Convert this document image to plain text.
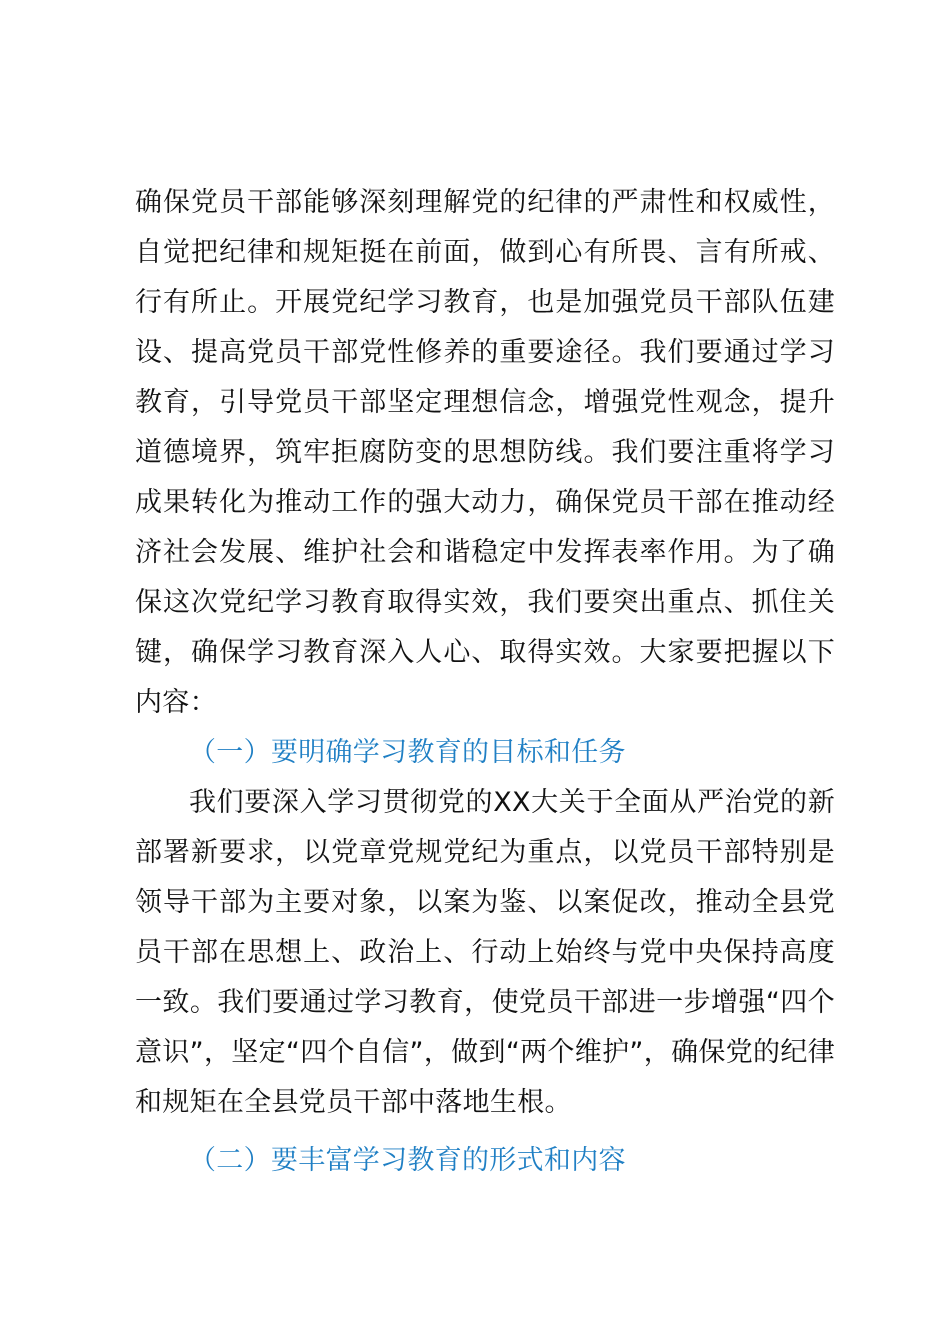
确保党员干部能够深刻理解党的纪律的严肃性和权威性，自觉把纪律和规矩挺在前面，做到心有所畏、言有所戒、行有所止。开展党纪学习教育，也是加强党员干部队伍建设、提高党员干部党性修养的重要途径。我们要通过学习教育，引导党员干部坚定理想信念，增强党性观念，提升道德境界，筑牢拒腐防变的思想防线。我们要注重将学习成果转化为推动工作的强大动力，确保党员干部在推动经济社会发展、维护社会和谐稳定中发挥表率作用。为了确保这次党纪学习教育取得实效，我们要突出重点、抓住关键，确保学习教育深入人心、取得实效。大家要把握以下内容：

（一）要明确学习教育的目标和任务

我们要深入学习贯彻党的XX大关于全面从严治党的新部署新要求，以党章党规党纪为重点，以党员干部特别是领导干部为主要对象，以案为鉴、以案促改，推动全县党员干部在思想上、政治上、行动上始终与党中央保持高度一致。我们要通过学习教育，使党员干部进一步增强“四个意识”，坚定“四个自信”，做到“两个维护”，确保党的纪律和规矩在全县党员干部中落地生根。

（二）要丰富学习教育的形式和内容
